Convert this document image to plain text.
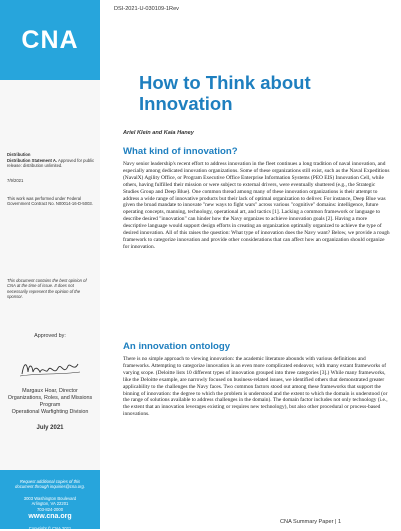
CNA
Distribution
Distribution Statement A. Approved for public release: distribution unlimited.
7/9/2021
This work was performed under Federal Government Contract No. N00014-16-D-5003.
This document contains the best opinion of CNA at the time of issue. It does not necessarily represent the opinion of the sponsor.
Approved by:
Margaux Hoar, Director
Organizations, Roles, and Missions
Program
Operational Warfighting Division
July 2021
Request additional copies of this
document through inquiries@cna.org.
3003 Washington Boulevard
Arlington, VA 22201
703-824-2000
www.cna.org
Copyright © CNA 2021
DSI-2021-U-030109-1Rev
How to Think about
Innovation
Ariel Klein and Kaia Haney
What kind of innovation?
Navy senior leadership's recent effort to address innovation in the fleet continues a long tradition of naval innovation, and especially among dedicated innovation organizations. Some of these organizations still exist, such as the Naval Expeditions (NavalX) Agility Office, or Program Executive Office Enterprise Information Systems (PEO EIS) Innovation Cell, while others, having fulfilled their mission or were subject to external drivers, were eventually shuttered (e.g., the Strategic Studies Group and Deep Blue). One common thread among many of these innovation organizations is their attempt to address a wide range of innovative products but their lack of optimal organization to deliver. For instance, Deep Blue was given the broad mandate to innovate "new ways to fight wars" across various "cognitive" domains: intelligence, future operating concepts, manning, technology, operational art, and tactics [1]. Lacking a common framework or language to describe desired "innovation" can hinder how the Navy organizes to achieve innovation goals [2]. Having a more descriptive language would support design efforts in creating an organization optimally organized to achieve the type of desired innovation. All of this raises the question: What type of innovation does the Navy want? Below, we provide a rough framework to categorize innovation and provide other considerations that can affect how an organization should organize for innovation.
An innovation ontology
There is no simple approach to viewing innovation: the academic literature abounds with various definitions and frameworks. Attempting to categorize innovation is an even more complicated endeavor, with many extant frameworks of varying scope. (Deloitte lists 10 different types of innovation grouped into three categories [3].) While many frameworks, like the Deloitte example, are narrowly focused on business-related issues, we identified others that demonstrated greater applicability to the challenges the Navy faces. Two common factors stood out among these frameworks that support the binning of innovation: the degree to which the problem is understood and the extent to which the domain is understood (or the range of solutions available to address challenges in the domain). The domain factor includes not only technology (i.e., the extent that an innovation leverages existing or requires new technology), but also other procedural or process-based innovations.
CNA Summary Paper | 1
